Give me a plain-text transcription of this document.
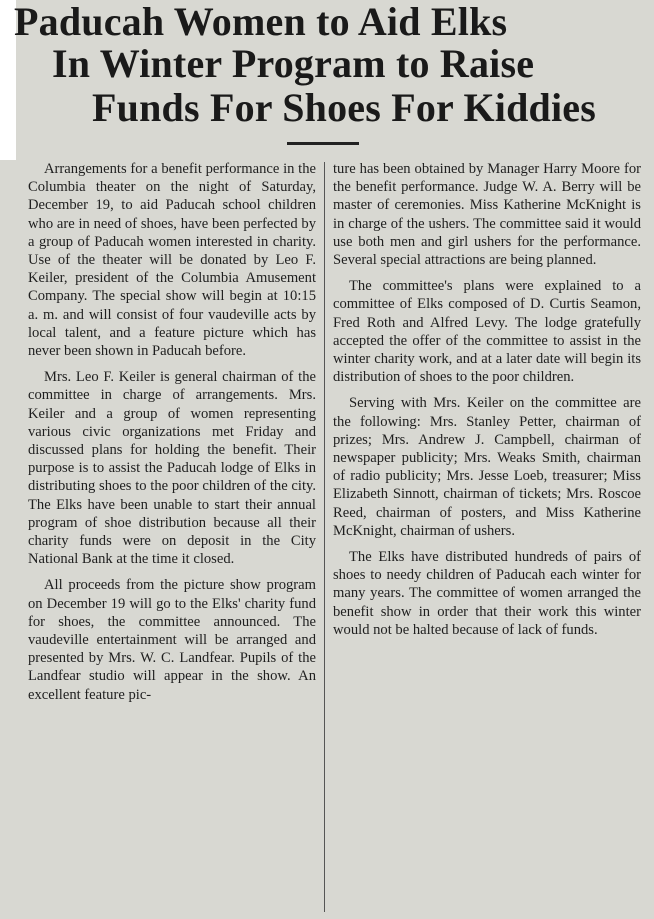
Paducah Women to Aid Elks
In Winter Program to Raise
Funds For Shoes For Kiddies

Arrangements for a benefit performance in the Columbia theater on the night of Saturday, December 19, to aid Paducah school children who are in need of shoes, have been perfected by a group of Paducah women interested in charity. Use of the theater will be donated by Leo F. Keiler, president of the Columbia Amusement Company. The special show will begin at 10:15 a. m. and will consist of four vaudeville acts by local talent, and a feature picture which has never been shown in Paducah before.

Mrs. Leo F. Keiler is general chairman of the committee in charge of arrangements. Mrs. Keiler and a group of women representing various civic organizations met Friday and discussed plans for holding the benefit. Their purpose is to assist the Paducah lodge of Elks in distributing shoes to the poor children of the city. The Elks have been unable to start their annual program of shoe distribution because all their charity funds were on deposit in the City National Bank at the time it closed.

All proceeds from the picture show program on December 19 will go to the Elks' charity fund for shoes, the committee announced. The vaudeville entertainment will be arranged and presented by Mrs. W. C. Landfear. Pupils of the Landfear studio will appear in the show. An excellent feature pic-

ture has been obtained by Manager Harry Moore for the benefit performance. Judge W. A. Berry will be master of ceremonies. Miss Katherine McKnight is in charge of the ushers. The committee said it would use both men and girl ushers for the performance. Several special attractions are being planned.

The committee's plans were explained to a committee of Elks composed of D. Curtis Seamon, Fred Roth and Alfred Levy. The lodge gratefully accepted the offer of the committee to assist in the winter charity work, and at a later date will begin its distribution of shoes to the poor children.

Serving with Mrs. Keiler on the committee are the following: Mrs. Stanley Petter, chairman of prizes; Mrs. Andrew J. Campbell, chairman of newspaper publicity; Mrs. Weaks Smith, chairman of radio publicity; Mrs. Jesse Loeb, treasurer; Miss Elizabeth Sinnott, chairman of tickets; Mrs. Roscoe Reed, chairman of posters, and Miss Katherine McKnight, chairman of ushers.

The Elks have distributed hundreds of pairs of shoes to needy children of Paducah each winter for many years. The committee of women arranged the benefit show in order that their work this winter would not be halted because of lack of funds.
